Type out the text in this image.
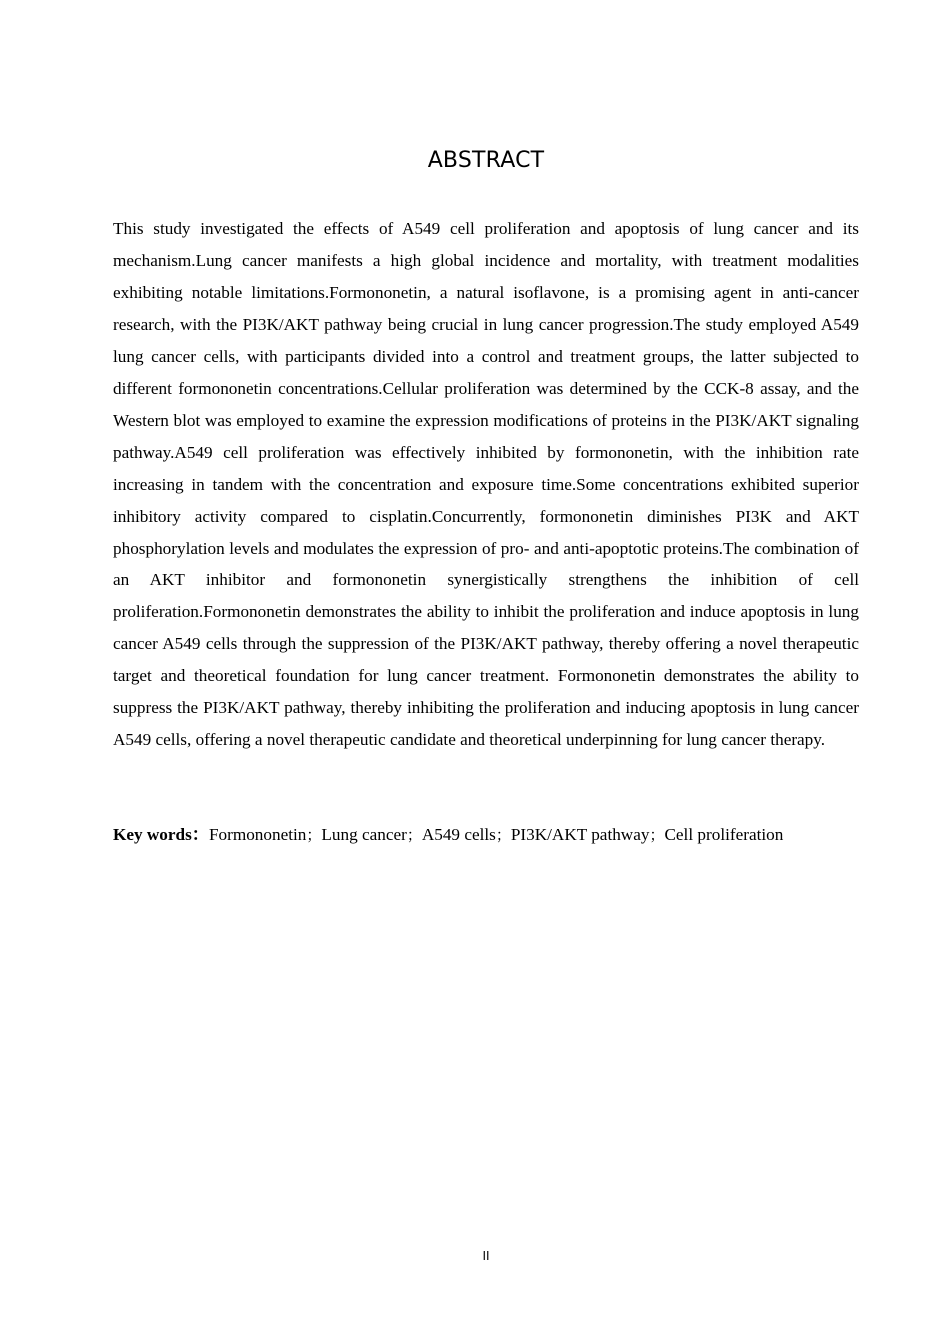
ABSTRACT

This study investigated the effects of A549 cell proliferation and apoptosis of lung cancer and its mechanism.Lung cancer manifests a high global incidence and mortality, with treatment modalities exhibiting notable limitations.Formononetin, a natural isoflavone, is a promising agent in anti-cancer research, with the PI3K/AKT pathway being crucial in lung cancer progression.The study employed A549 lung cancer cells, with participants divided into a control and treatment groups, the latter subjected to different formononetin concentrations.Cellular proliferation was determined by the CCK-8 assay, and the Western blot was employed to examine the expression modifications of proteins in the PI3K/AKT signaling pathway.A549 cell proliferation was effectively inhibited by formononetin, with the inhibition rate increasing in tandem with the concentration and exposure time.Some concentrations exhibited superior inhibitory activity compared to cisplatin.Concurrently, formononetin diminishes PI3K and AKT phosphorylation levels and modulates the expression of pro- and anti-apoptotic proteins.The combination of an AKT inhibitor and formononetin synergistically strengthens the inhibition of cell proliferation.Formononetin demonstrates the ability to inhibit the proliferation and induce apoptosis in lung cancer A549 cells through the suppression of the PI3K/AKT pathway, thereby offering a novel therapeutic target and theoretical foundation for lung cancer treatment. Formononetin demonstrates the ability to suppress the PI3K/AKT pathway, thereby inhibiting the proliferation and inducing apoptosis in lung cancer A549 cells, offering a novel therapeutic candidate and theoretical underpinning for lung cancer therapy.

Key words：Formononetin；Lung cancer；A549 cells；PI3K/AKT pathway；Cell proliferation
II
